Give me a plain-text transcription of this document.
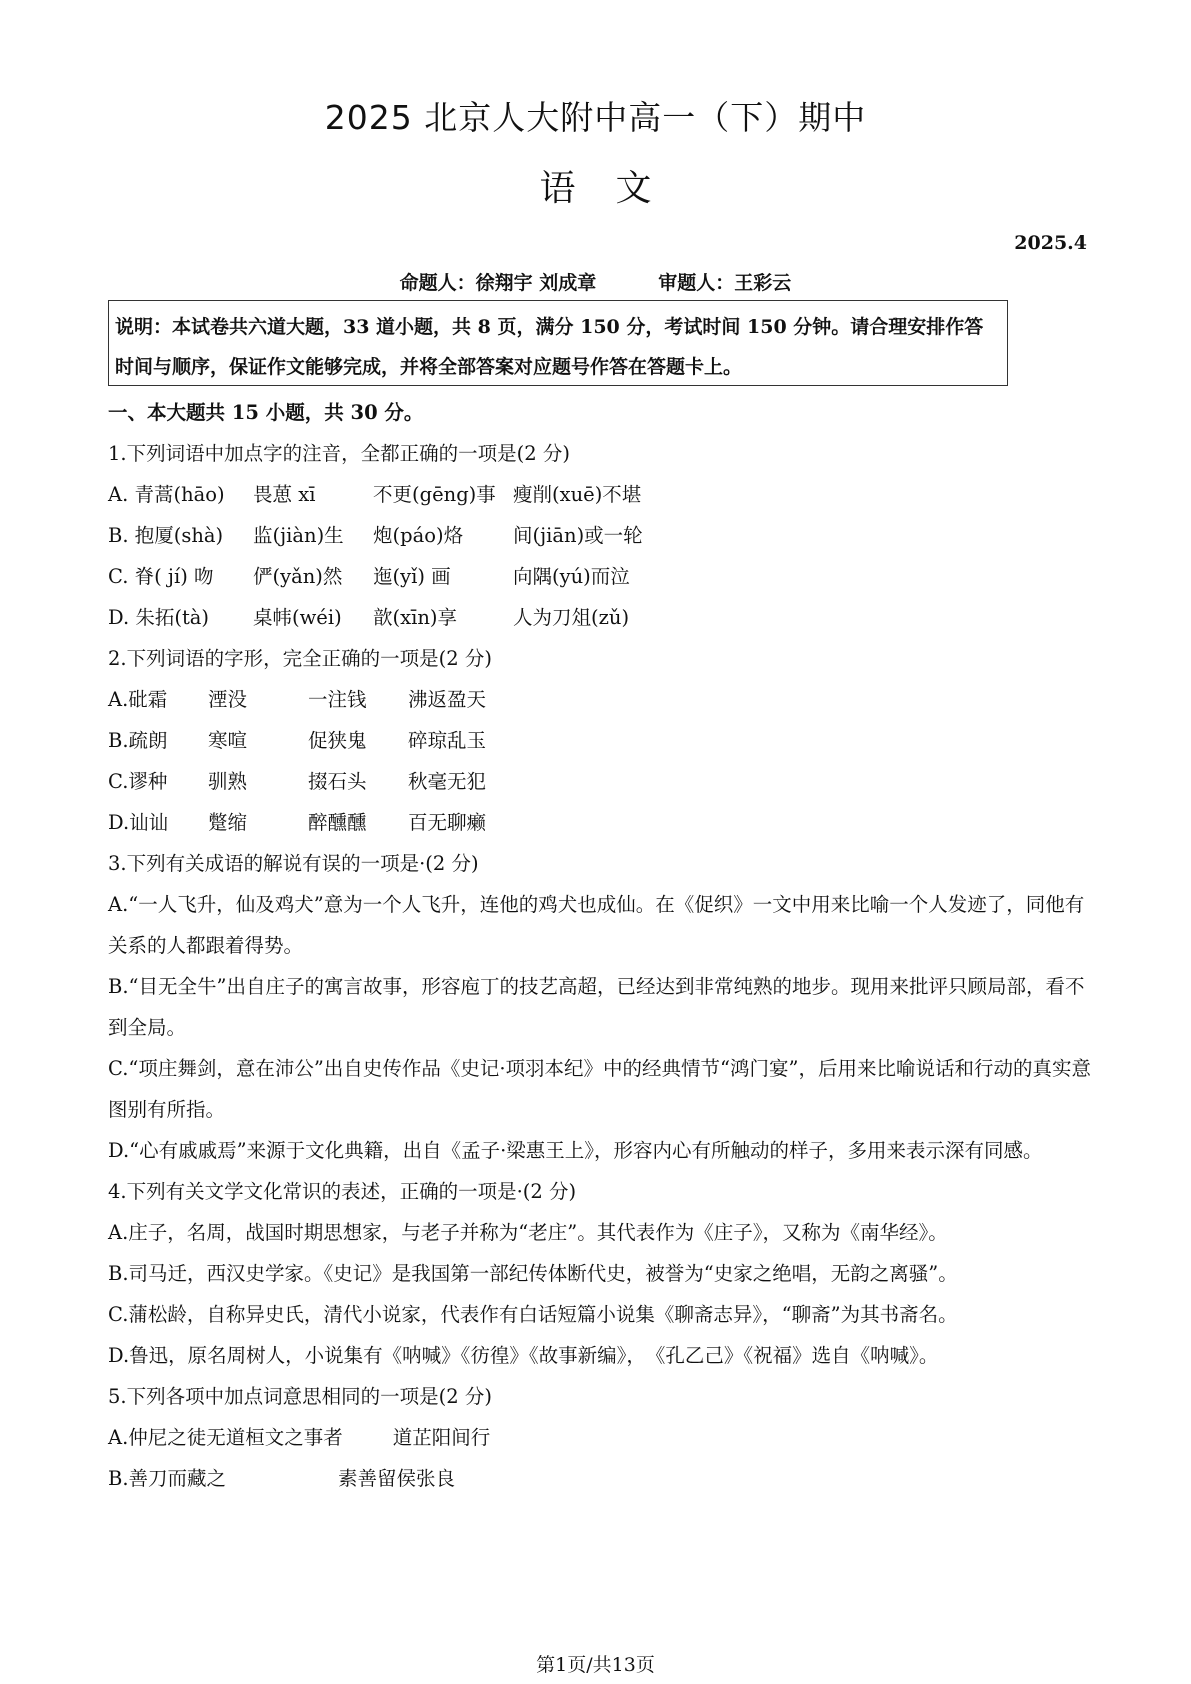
2025 北京人大附中高一（下）期中
语文
2025.4
命题人：徐翔宇 刘成章	审题人：王彩云
说明：本试卷共六道大题，33 道小题，共 8 页，满分 150 分，考试时间 150 分钟。请合理安排作答时间与顺序，保证作文能够完成，并将全部答案对应题号作答在答题卡上。
一、本大题共 15 小题，共 30 分。
1.下列词语中加点字的注音，全都正确的一项是(2 分)
A. 青蒿(hāo) 畏葸 xī	不更(gēng)事 瘦削(xuē)不堪
B. 抱厦(shà) 监(jiàn)生 炮(páo)烙	间(jiān)或一轮
C. 脊( jí) 吻 俨(yǎn)然 迤(yǐ) 画	向隅(yú)而泣
D. 朱拓(tà) 桌帏(wéi) 歆(xīn)享	人为刀俎(zǔ)
2.下列词语的字形，完全正确的一项是(2 分)
A.砒霜 湮没	一注钱 沸返盈天
B.疏朗 寒喧	促狭鬼 碎琼乱玉
C.谬种 驯熟	掇石头 秋毫无犯
D.讪讪 蹩缩	醉醺醺 百无聊癞
3.下列有关成语的解说有误的一项是·(2 分)
A.“一人飞升，仙及鸡犬”意为一个人飞升，连他的鸡犬也成仙。在《促织》一文中用来比喻一个人发迹了，同他有关系的人都跟着得势。
B.“目无全牛”出自庄子的寓言故事，形容庖丁的技艺高超，已经达到非常纯熟的地步。现用来批评只顾局部，看不到全局。
C.“项庄舞剑，意在沛公”出自史传作品《史记·项羽本纪》中的经典情节“鸿门宴”，后用来比喻说话和行动的真实意图别有所指。
D.“心有戚戚焉”来源于文化典籍，出自《孟子·梁惠王上》，形容内心有所触动的样子，多用来表示深有同感。
4.下列有关文学文化常识的表述，正确的一项是·(2 分)
A.庄子，名周，战国时期思想家，与老子并称为“老庄”。其代表作为《庄子》，又称为《南华经》。
B.司马迁，西汉史学家。《史记》是我国第一部纪传体断代史，被誉为“史家之绝唱，无韵之离骚”。
C.蒲松龄，自称异史氏，清代小说家，代表作有白话短篇小说集《聊斋志异》，“聊斋”为其书斋名。
D.鲁迅，原名周树人，小说集有《呐喊》《彷徨》《故事新编》，　《孔乙己》《祝福》选自《呐喊》。
5.下列各项中加点词意思相同的一项是(2 分)
A.仲尼之徒无道桓文之事者	道芷阳间行
B.善刀而藏之	素善留侯张良
第1页/共13页
